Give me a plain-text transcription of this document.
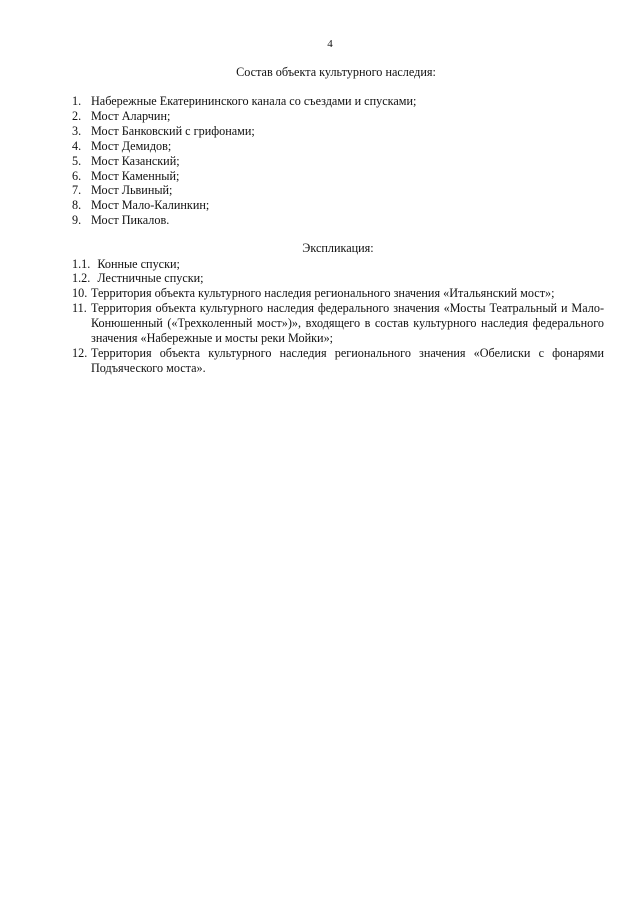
4
Состав объекта культурного наследия:
1. Набережные Екатерининского канала со съездами и спусками;
2. Мост Аларчин;
3. Мост Банковский с грифонами;
4. Мост Демидов;
5. Мост Казанский;
6. Мост Каменный;
7. Мост Львиный;
8. Мост Мало-Калинкин;
9. Мост Пикалов.
Экспликация:
1.1. Конные спуски;
1.2. Лестничные спуски;
10. Территория объекта культурного наследия регионального значения «Итальянский мост»;
11. Территория объекта культурного наследия федерального значения «Мосты Театральный и Мало-Конюшенный («Трехколенный мост»)», входящего в состав культурного наследия федерального значения «Набережные и мосты реки Мойки»;
12. Территория объекта культурного наследия регионального значения «Обелиски с фонарями Подъяческого моста».
